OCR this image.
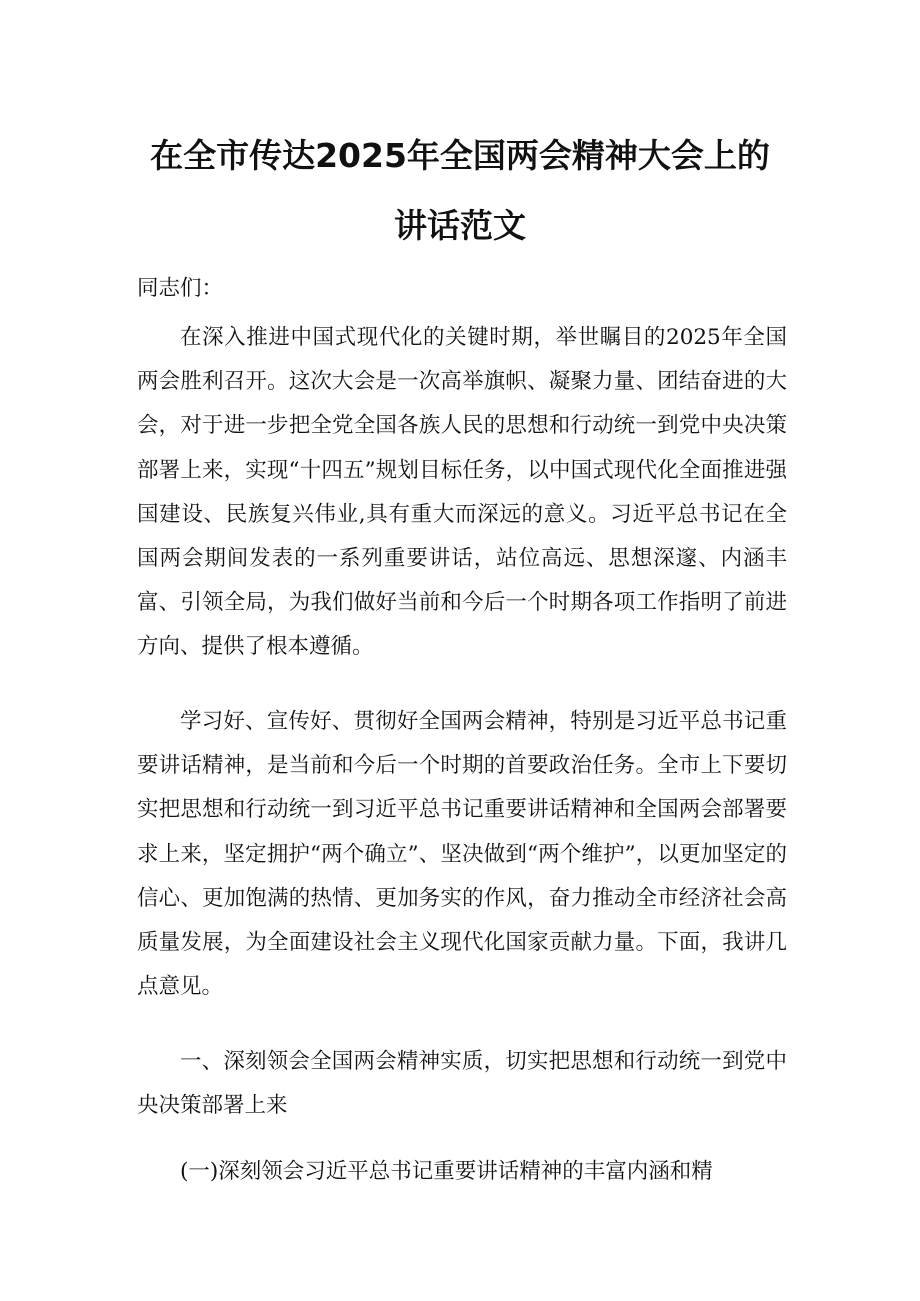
在全市传达2025年全国两会精神大会上的
讲话范文
同志们：

在深入推进中国式现代化的关键时期，举世瞩目的2025年全国两会胜利召开。这次大会是一次高举旗帜、凝聚力量、团结奋进的大会，对于进一步把全党全国各族人民的思想和行动统一到党中央决策部署上来，实现“十四五”规划目标任务，以中国式现代化全面推进强国建设、民族复兴伟业,具有重大而深远的意义。习近平总书记在全国两会期间发表的一系列重要讲话，站位高远、思想深邃、内涵丰富、引领全局，为我们做好当前和今后一个时期各项工作指明了前进方向、提供了根本遵循。

学习好、宣传好、贯彻好全国两会精神，特别是习近平总书记重要讲话精神，是当前和今后一个时期的首要政治任务。全市上下要切实把思想和行动统一到习近平总书记重要讲话精神和全国两会部署要求上来，坚定拥护“两个确立”、坚决做到“两个维护”，以更加坚定的信心、更加饱满的热情、更加务实的作风，奋力推动全市经济社会高质量发展，为全面建设社会主义现代化国家贡献力量。下面，我讲几点意见。

一、深刻领会全国两会精神实质，切实把思想和行动统一到党中央决策部署上来

(一)深刻领会习近平总书记重要讲话精神的丰富内涵和精
